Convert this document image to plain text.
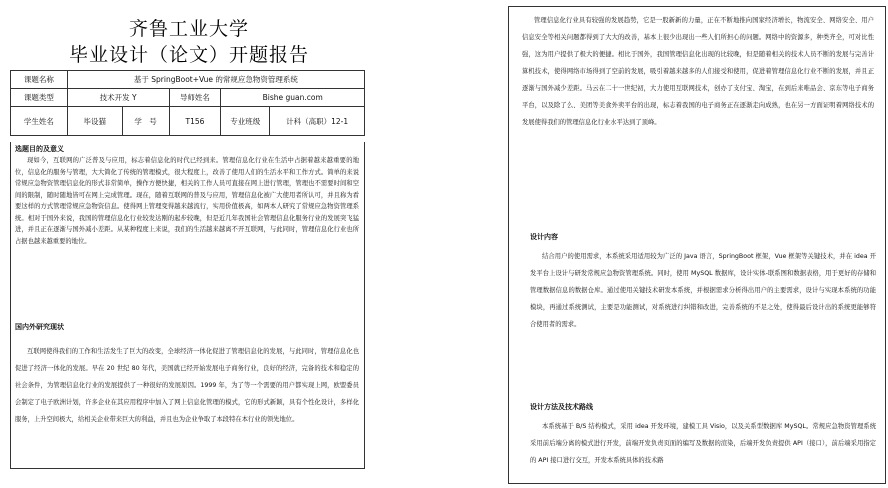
齐鲁工业大学
毕业设计（论文）开题报告
课题名称	基于 SpringBoot+Vue 的常规应急物资管理系统				
课题类型	技术开发 Y		导师姓名	Bishe guan.com	
学生姓名	毕设猫	学　号	T156	专业班级	计科（高职）12-1
选题目的及意义
现如今，互联网的广泛普及与应用，标志着信息化的时代已经到来。管理信息化行业在生活中占据着越来越重要的地位，信息化的服务与管理，大大简化了传统的管理模式，很大程度上，改善了使用人们的生活水平和工作方式。简单的来说常规应急物资管理信息化的形式非常简单，操作方便快捷，相关的工作人员可直接在网上进行管理，管理也不需要时间和空间的限制，随时随地皆可在网上完成管理。现在，随着互联网的普及与应用，管理信息化被广大使用者所认可，并且称为看要这样的方式管理常规应急物资信息。使得网上管理变得越来越流行，实用价值极高，如两本人研究了常规应急物资管理系统。相对于国外来说，我国的管理信息化行业较发达刚的起步较晚，但是近几年我国社会管理信息化服务行业的发展突飞猛进，并且正在逐渐与国外减小差距。从某种程度上来说，我们的生活越来越离不开互联网，与此同时，管理信息化行业也所占据也越来越重要的地位。
国内外研究现状
互联网使得我们的工作和生活发生了巨大的改变，全球经济一体化促进了管理信息化的发展，与此同时，管理信息化也促进了经济一体化的发展。早在 20 世纪 80 年代，美国就已经开始发展电子商务行业，良好的经济，完备的技术和稳定的社会条件，为管理信息化行业的发展提供了一种很好的发展原因。1999 年，为了等一个需要的用户都实现上网，欧盟委员会制定了电子欧洲计划，许多企业在其应用程序中加入了网上信息化管理的模式，它的形式新颖，具有个性化设计，多样化服务，上升空间极大，给相关企业带来巨大的利益，并且也为企业争取了本段特在本行业的领先地位。
管理信息化行业具有较强的发展趋势，它是一股新新的力量，正在不断地推向国家经济增长，物流安全、网络安全、用户信息安全等相关问题都得到了大大的改善，基本上很少出现出一些人们所担心的问题。网络中的资源多，种类齐全，可对比性强，这为用户提供了极大的便捷。相比于国外，我国管理信息化出现的比较晚，但是随着相关的技术人员不断的发展与完善计算机技术，使得网络市场得到了空前的发展，吸引着越来越多的人们接受和使用，促进着管理信息化行业不断的发展，并且正逐渐与国外减少差距。马云在二十一世纪初，大力使用互联网技术，创办了支付宝、淘宝，在到后来唯品会、京东等电子商务平台，以及除了么、美团等美食外卖平台的出现，标志着我国的电子商务正在逐渐走向成熟，也在另一方面证明着网络技术的发展使得我们的管理信息化行业水平达到了顶峰。
设计内容
结合用户的使用需求，本系统采用适用较为广泛的 Java 语言，SpringBoot 框架，Vue 框架等关键技术，并在 idea 开发平台上设计与研发常规应急物资管理系统。同时，使用 MySQL 数据库，设计实体-联系图和数据表格，用于更好的存储和管理数据信息的数据仓库。通过使用关键技术研发本系统，并根据需求分析得出用户的主要需求，设计与实现本系统的功能模块，再通过系统测试，主要是功能测试，对系统进行纠错和改进，完善系统的不足之处，使得最后设计出的系统更能够符合使用者的需求。
设计方法及技术路线
本系统基于 B/S 结构模式，采用 idea 开发环境，建模工具 Visio，以及关系型数据库 MySQL。常规应急物资管理系统采用前后端分离的模式进行开发，前端开发负责页面的编写及数据的渲染，后端开发负责提供 API（接口），前后端采用指定的 API 接口进行交互，开发本系统具体的技术路
